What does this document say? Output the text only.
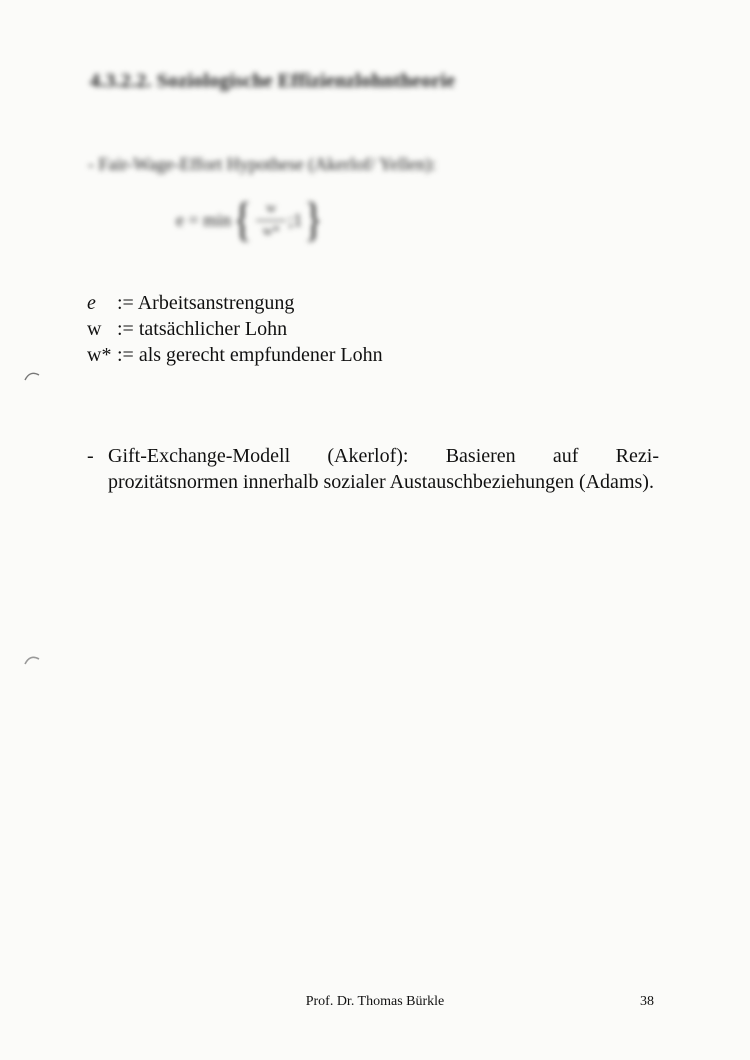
4.3.2.2. Soziologische Effizienzlohntheorie
- Fair-Wage-Effort Hypothese (Akerlof/ Yellen):
e = min { $\frac{w}{w*}$ ;1 }
e	:= Arbeitsanstrengung
w := tatsächlicher Lohn
w* := als gerecht empfundener Lohn
- Gift-Exchange-Modell (Akerlof): Basieren auf Rezi-prozitätsnormen innerhalb sozialer Austauschbeziehungen (Adams).
Prof. Dr. Thomas Bürkle	38
